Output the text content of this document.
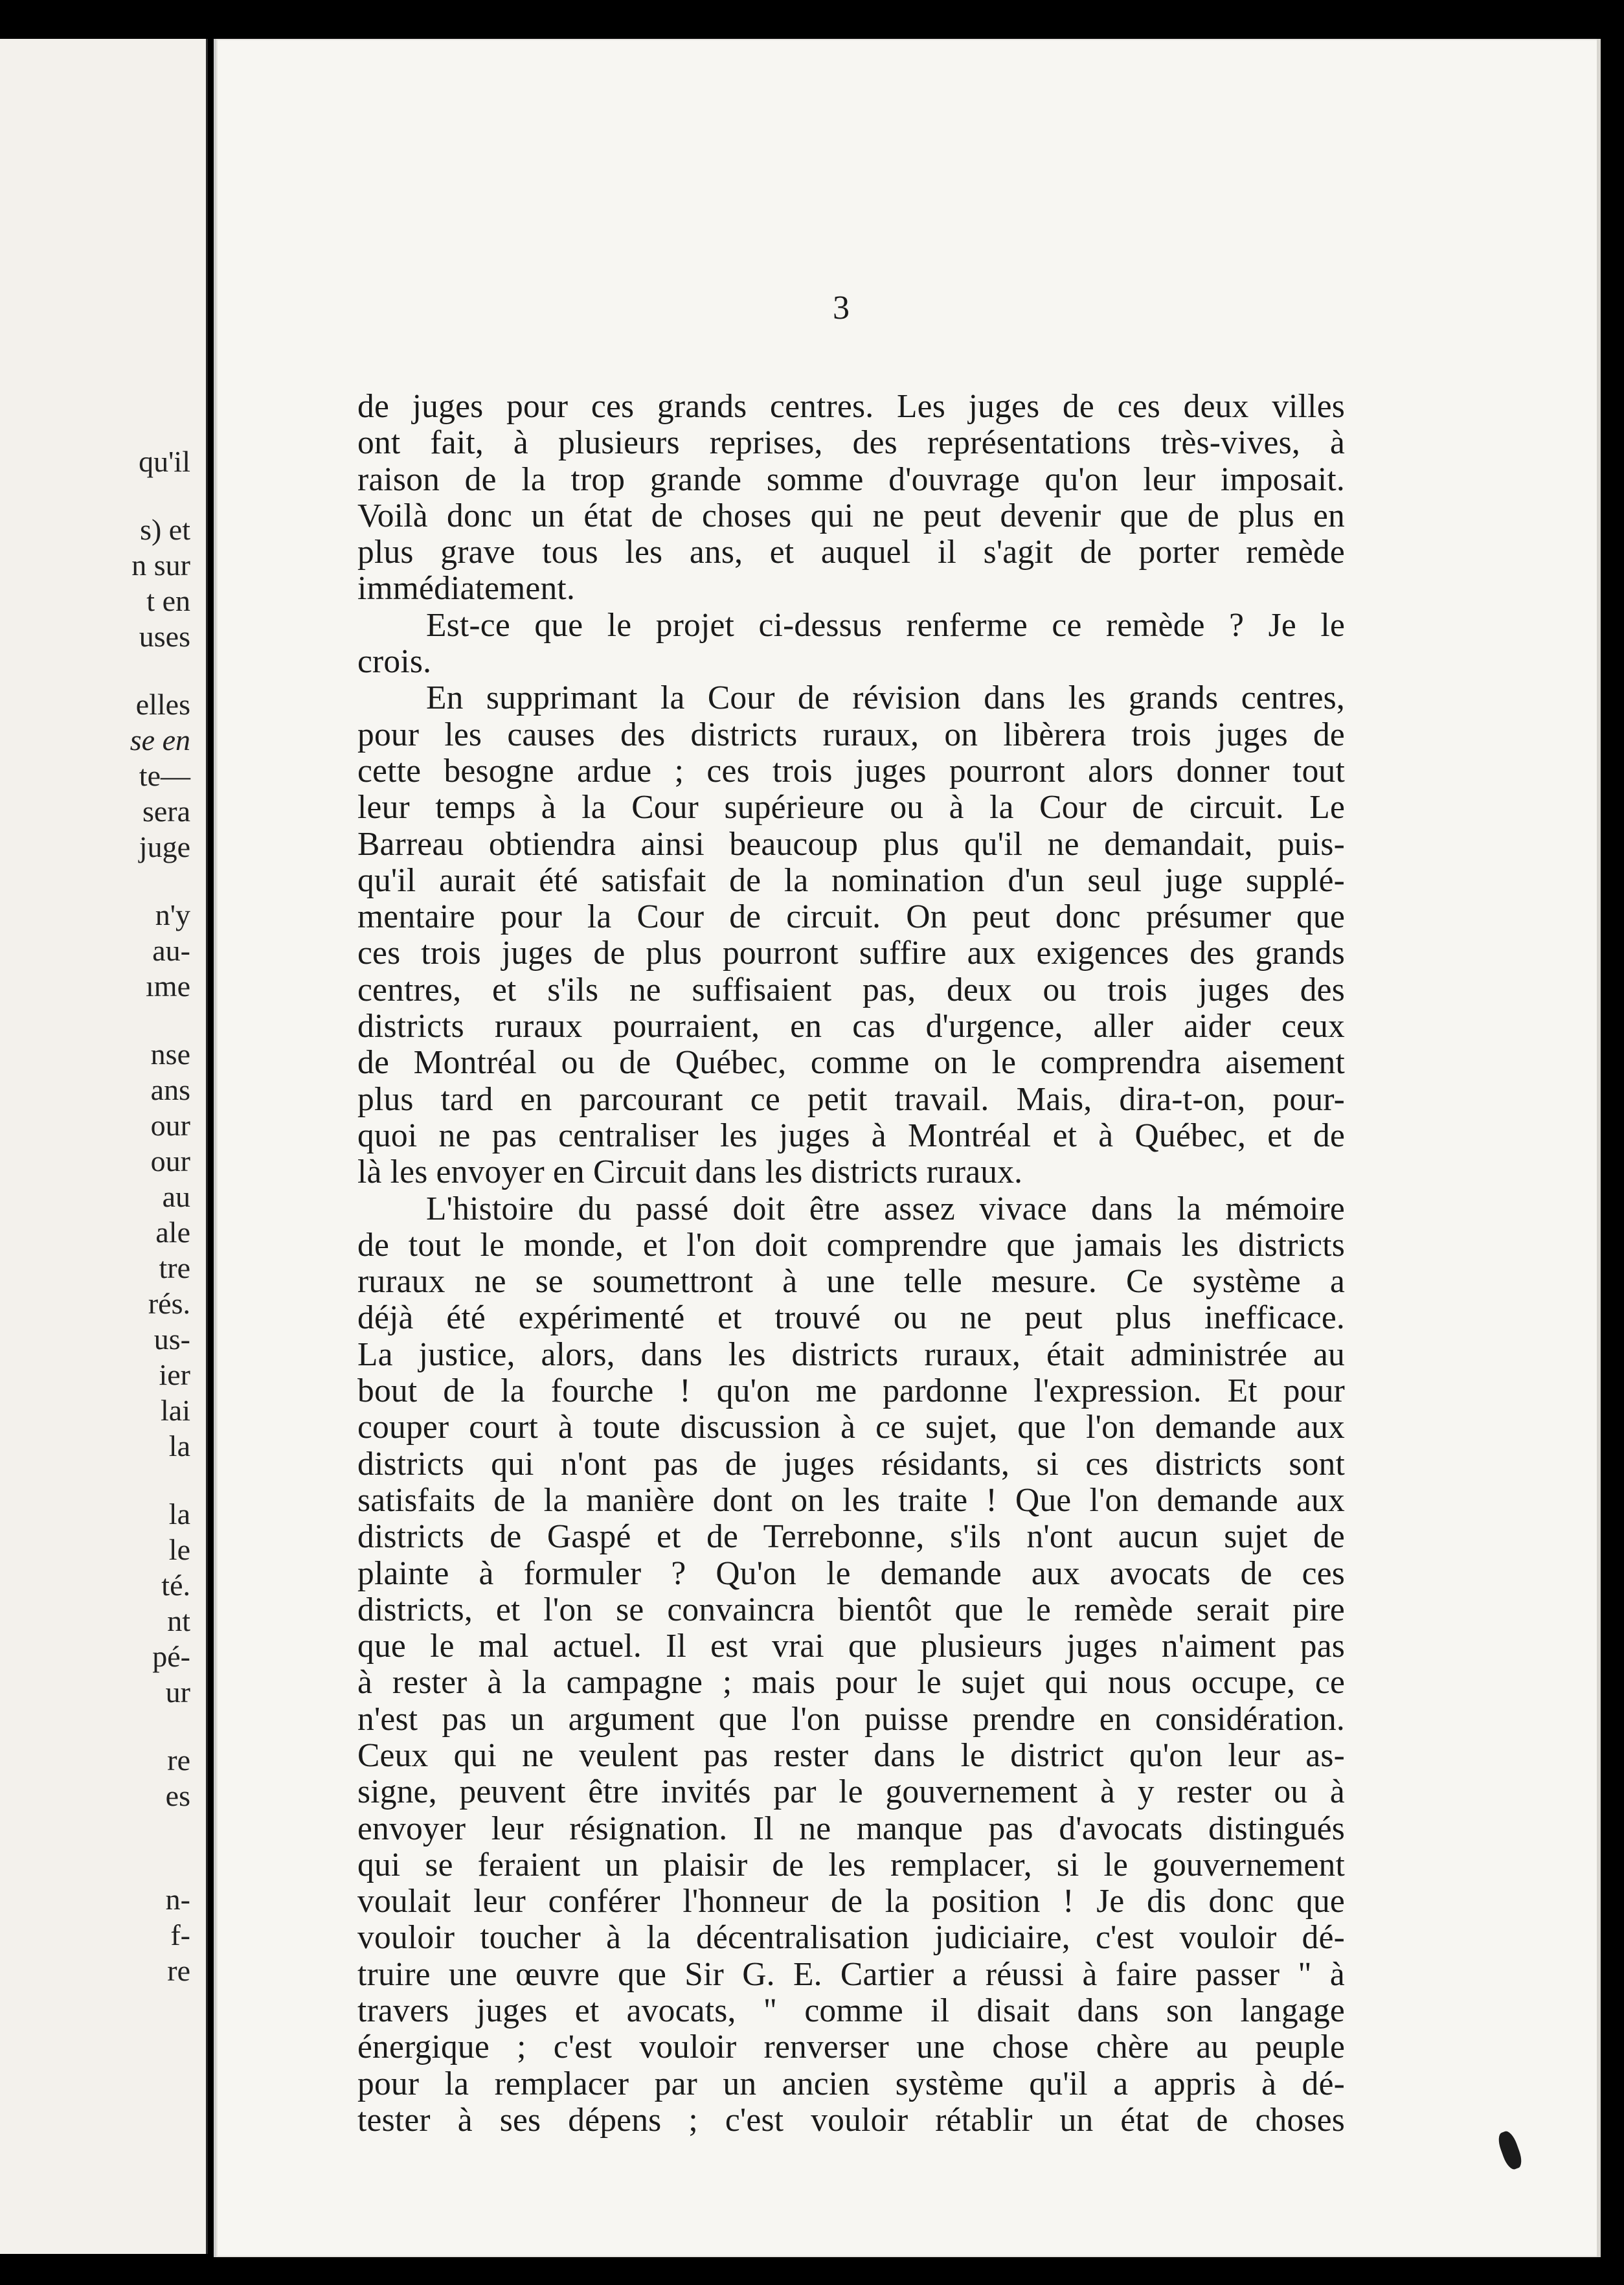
qu'il
s) et
n sur
t en
uses
elles
se en
te—
sera
juge
n'y
au-
ıme
nse
ans
our
our
au
ale
tre
rés.
us-
ier
lai
la
la
le
té.
nt
pé-
ur
re
es
n-
f-
re
3
de juges pour ces grands centres. Les juges de ces deux villes
ont fait, à plusieurs reprises, des représentations très-vives, à
raison de la trop grande somme d'ouvrage qu'on leur imposait.
Voilà donc un état de choses qui ne peut devenir que de plus en
plus grave tous les ans, et auquel il s'agit de porter remède
immédiatement.
Est-ce que le projet ci-dessus renferme ce remède ? Je le
crois.
En supprimant la Cour de révision dans les grands centres,
pour les causes des districts ruraux, on libèrera trois juges de
cette besogne ardue ; ces trois juges pourront alors donner tout
leur temps à la Cour supérieure ou à la Cour de circuit. Le
Barreau obtiendra ainsi beaucoup plus qu'il ne demandait, puis-
qu'il aurait été satisfait de la nomination d'un seul juge supplé-
mentaire pour la Cour de circuit. On peut donc présumer que
ces trois juges de plus pourront suffire aux exigences des grands
centres, et s'ils ne suffisaient pas, deux ou trois juges des
districts ruraux pourraient, en cas d'urgence, aller aider ceux
de Montréal ou de Québec, comme on le comprendra aisement
plus tard en parcourant ce petit travail. Mais, dira-t-on, pour-
quoi ne pas centraliser les juges à Montréal et à Québec, et de
là les envoyer en Circuit dans les districts ruraux.
L'histoire du passé doit être assez vivace dans la mémoire
de tout le monde, et l'on doit comprendre que jamais les districts
ruraux ne se soumettront à une telle mesure. Ce système a
déjà été expérimenté et trouvé ou ne peut plus inefficace.
La justice, alors, dans les districts ruraux, était administrée au
bout de la fourche ! qu'on me pardonne l'expression. Et pour
couper court à toute discussion à ce sujet, que l'on demande aux
districts qui n'ont pas de juges résidants, si ces districts sont
satisfaits de la manière dont on les traite ! Que l'on demande aux
districts de Gaspé et de Terrebonne, s'ils n'ont aucun sujet de
plainte à formuler ? Qu'on le demande aux avocats de ces
districts, et l'on se convaincra bientôt que le remède serait pire
que le mal actuel. Il est vrai que plusieurs juges n'aiment pas
à rester à la campagne ; mais pour le sujet qui nous occupe, ce
n'est pas un argument que l'on puisse prendre en considération.
Ceux qui ne veulent pas rester dans le district qu'on leur as-
signe, peuvent être invités par le gouvernement à y rester ou à
envoyer leur résignation. Il ne manque pas d'avocats distingués
qui se feraient un plaisir de les remplacer, si le gouvernement
voulait leur conférer l'honneur de la position ! Je dis donc que
vouloir toucher à la décentralisation judiciaire, c'est vouloir dé-
truire une œuvre que Sir G. E. Cartier a réussi à faire passer " à
travers juges et avocats, " comme il disait dans son langage
énergique ; c'est vouloir renverser une chose chère au peuple
pour la remplacer par un ancien système qu'il a appris à dé-
tester à ses dépens ; c'est vouloir rétablir un état de choses
